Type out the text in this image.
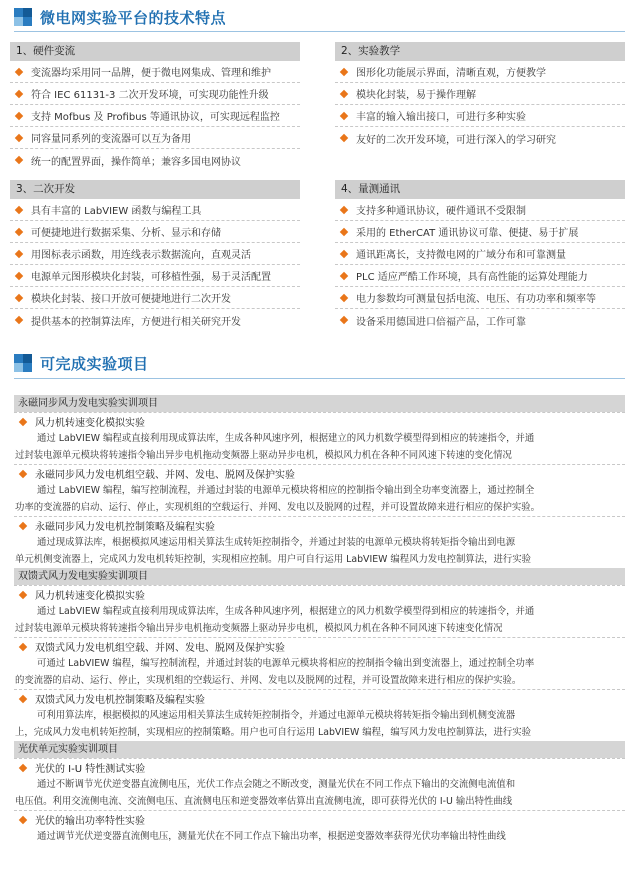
微电网实验平台的技术特点
1、硬件变流
变流器均采用同一品牌，便于微电网集成、管理和维护
符合 IEC 61131-3 二次开发环境，可实现功能性升级
支持 Mofbus 及 Profibus 等通讯协议，可实现远程监控
同容量同系列的变流器可以互为备用
统一的配置界面，操作简单；兼容多国电网协议
2、实验教学
图形化功能展示界面，清晰直观，方便教学
模块化封装，易于操作理解
丰富的输入输出接口，可进行多种实验
友好的二次开发环境，可进行深入的学习研究
3、二次开发
具有丰富的 LabVIEW 函数与编程工具
可便捷地进行数据采集、分析、显示和存储
用图标表示函数，用连线表示数据流向，直观灵活
电源单元图形模块化封装，可移植性强，易于灵活配置
模块化封装、接口开放可便捷地进行二次开发
提供基本的控制算法库，方便进行相关研究开发
4、量测通讯
支持多种通讯协议，硬件通讯不受限制
采用的 EtherCAT 通讯协议可靠、便捷、易于扩展
通讯距离长，支持微电网的广域分布和可靠测量
PLC 适应严酷工作环境，具有高性能的运算处理能力
电力参数均可测量包括电流、电压、有功功率和频率等
设备采用德国进口倍福产品，工作可靠
可完成实验项目
永磁同步风力发电实验实训项目
风力机转速变化模拟实验
通过 LabVIEW 编程或直接利用现成算法库，生成各种风速序列，根据建立的风力机数学模型得到相应的转速指令，并通
过封装电源单元模块将转速指令输出异步电机拖动变频器上驱动异步电机，模拟风力机在各种不同风速下转速的变化情况
永磁同步风力发电机组空载、并网、发电、脱网及保护实验
通过 LabVIEW 编程，编写控制流程，并通过封装的电源单元模块将相应的控制指令输出到全功率变流器上，通过控制全
功率的变流器的启动、运行、停止，实现机组的空载运行、并网、发电以及脱网的过程，并可设置故障来进行相应的保护实验。
永磁同步风力发电机控制策略及编程实验
通过现成算法库，根据模拟风速运用相关算法生成转矩控制指令，并通过封装的电源单元模块将转矩指令输出到电源
单元机侧变流器上，完成风力发电机转矩控制，实现相应控制。用户可自行运用 LabVIEW 编程风力发电控制算法，进行实验
双馈式风力发电实验实训项目
风力机转速变化模拟实验
通过 LabVIEW 编程或直接利用现成算法库，生成各种风速序列，根据建立的风力机数学模型得到相应的转速指令，并通
过封装电源单元模块将转速指令输出异步电机拖动变频器上驱动异步电机，模拟风力机在各种不同风速下转速变化情况
双馈式风力发电机组空载、并网、发电、脱网及保护实验
可通过 LabVIEW 编程，编写控制流程，并通过封装的电源单元模块将相应的控制指令输出到变流器上，通过控制全功率
的变流器的启动、运行、停止，实现机组的空载运行、并网、发电以及脱网的过程，并可设置故障来进行相应的保护实验。
双馈式风力发电机控制策略及编程实验
可利用算法库，根据模拟的风速运用相关算法生成转矩控制指令，并通过电源单元模块将转矩指令输出到机侧变流器
上，完成风力发电机转矩控制，实现相应的控制策略。用户也可自行运用 LabVIEW 编程，编写风力发电控制算法，进行实验
光伏单元实验实训项目
光伏的 I-U 特性测试实验
通过不断调节光伏逆变器直流侧电压，光伏工作点会随之不断改变，测量光伏在不同工作点下输出的交流侧电流值和
电压值。利用交流侧电流、交流侧电压、直流侧电压和逆变器效率估算出直流侧电流，即可获得光伏的 I-U 输出特性曲线
光伏的输出功率特性实验
通过调节光伏逆变器直流侧电压，测量光伏在不同工作点下输出功率，根据逆变器效率获得光伏功率输出特性曲线
